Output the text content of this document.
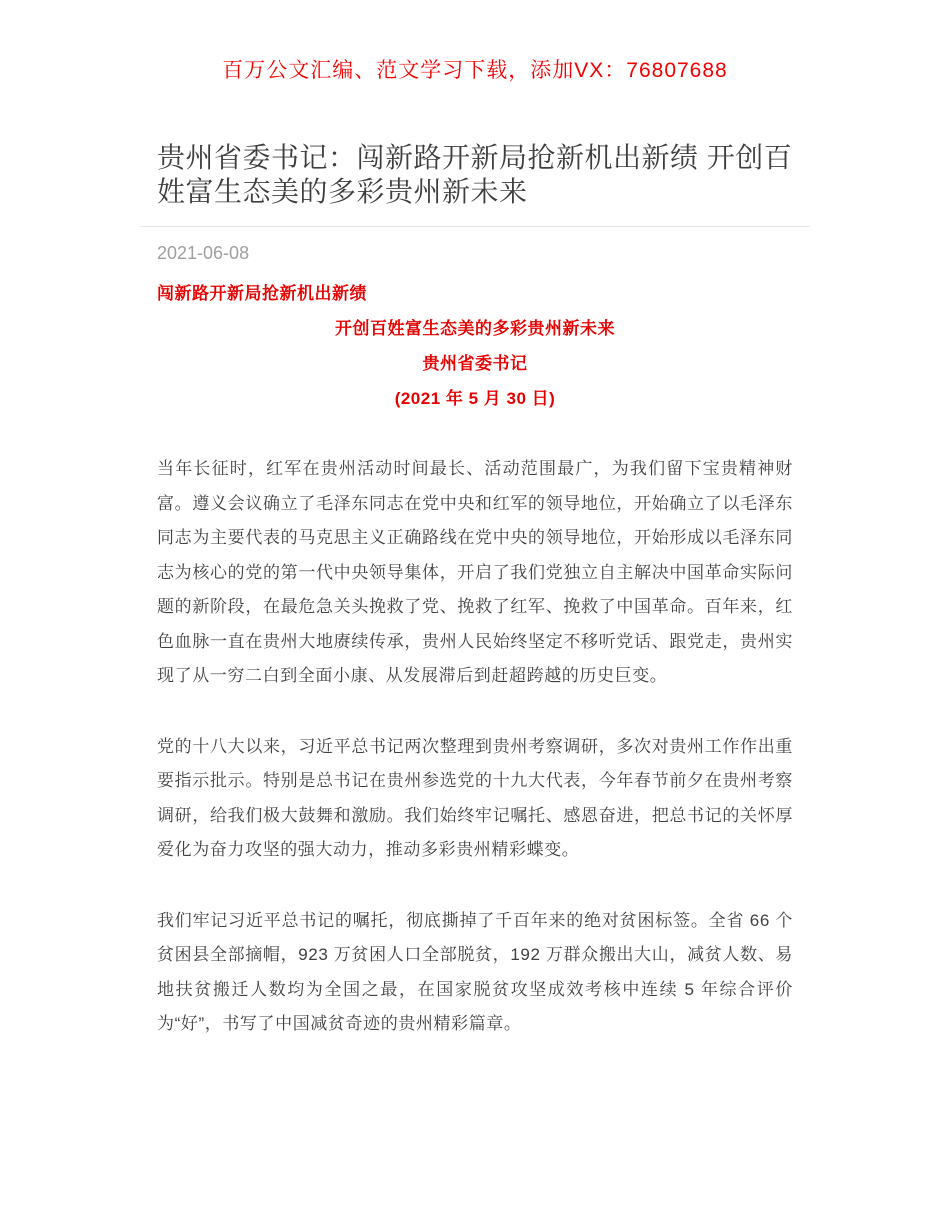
百万公文汇编、范文学习下载，添加VX：76807688
贵州省委书记：闯新路开新局抢新机出新绩 开创百姓富生态美的多彩贵州新未来
2021-06-08

闯新路开新局抢新机出新绩

开创百姓富生态美的多彩贵州新未来

贵州省委书记

(2021 年 5 月 30 日)

当年长征时，红军在贵州活动时间最长、活动范围最广，为我们留下宝贵精神财富。遵义会议确立了毛泽东同志在党中央和红军的领导地位，开始确立了以毛泽东同志为主要代表的马克思主义正确路线在党中央的领导地位，开始形成以毛泽东同志为核心的党的第一代中央领导集体，开启了我们党独立自主解决中国革命实际问题的新阶段，在最危急关头挽救了党、挽救了红军、挽救了中国革命。百年来，红色血脉一直在贵州大地赓续传承，贵州人民始终坚定不移听党话、跟党走，贵州实现了从一穷二白到全面小康、从发展滞后到赶超跨越的历史巨变。

党的十八大以来，习近平总书记两次整理到贵州考察调研，多次对贵州工作作出重要指示批示。特别是总书记在贵州参选党的十九大代表，今年春节前夕在贵州考察调研，给我们极大鼓舞和激励。我们始终牢记嘱托、感恩奋进，把总书记的关怀厚爱化为奋力攻坚的强大动力，推动多彩贵州精彩蝶变。

我们牢记习近平总书记的嘱托，彻底撕掉了千百年来的绝对贫困标签。全省 66 个贫困县全部摘帽，923 万贫困人口全部脱贫，192 万群众搬出大山，减贫人数、易地扶贫搬迁人数均为全国之最，在国家脱贫攻坚成效考核中连续 5 年综合评价为“好”，书写了中国减贫奇迹的贵州精彩篇章。
